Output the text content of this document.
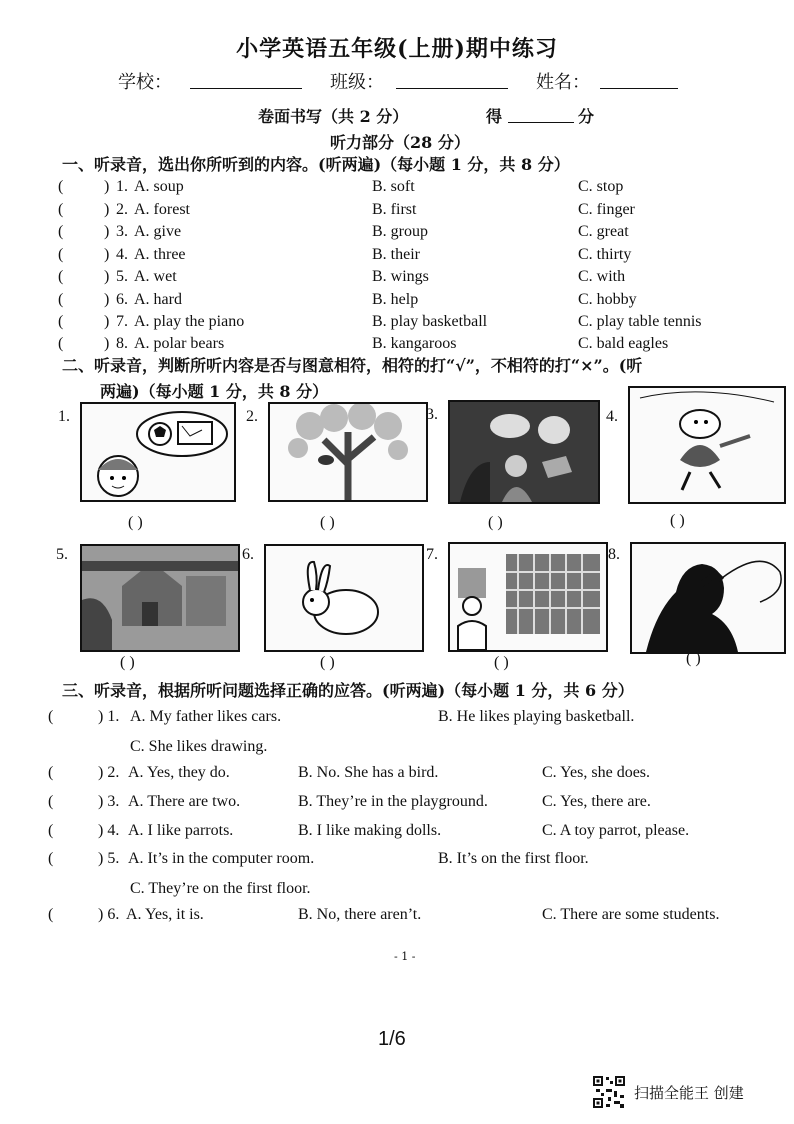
小学英语五年级(上册)期中练习
学校：	班级：	姓名：
卷面书写（共 2 分）	得	分
听力部分（28 分）
一、听录音，选出你所听到的内容。(听两遍)（每小题 1 分，共 8 分）
(	) 1. A. soup	B. soft	C. stop
(	) 2. A. forest	B. first	C. finger
(	) 3. A. give	B. group	C. great
(	) 4. A. three	B. their	C. thirty
(	) 5. A. wet	B. wings	C. with
(	) 6. A. hard	B. help	C. hobby
(	) 7. A. play the piano	B. play basketball	C. play table tennis
(	) 8. A. polar bears	B. kangaroos	C. bald eagles
二、听录音，判断所听内容是否与图意相符，相符的打“√”，不相符的打“×”。(听
两遍)（每小题 1 分，共 8 分）
1.
( )
2.
( )
3.
( )
4.
( )
5.
( )
6.
( )
7.
( )
8.
( )
三、听录音，根据所听问题选择正确的应答。(听两遍)（每小题 1 分，共 6 分）
(	) 1. A. My father likes cars.	B. He likes playing basketball.
C. She likes drawing.
(	) 2. A. Yes, they do.	B. No. She has a bird.	C. Yes, she does.
(	) 3. A. There are two.	B. They’re in the playground.	C. Yes, there are.
(	) 4. A. I like parrots.	B. I like making dolls.	C. A toy parrot, please.
(	) 5. A. It’s in the computer room.	B. It’s on the first floor.
C. They’re on the first floor.
(	) 6. A. Yes, it is.	B. No, there aren’t.	C. There are some students.
- 1 -
1/6
扫描全能王 创建
